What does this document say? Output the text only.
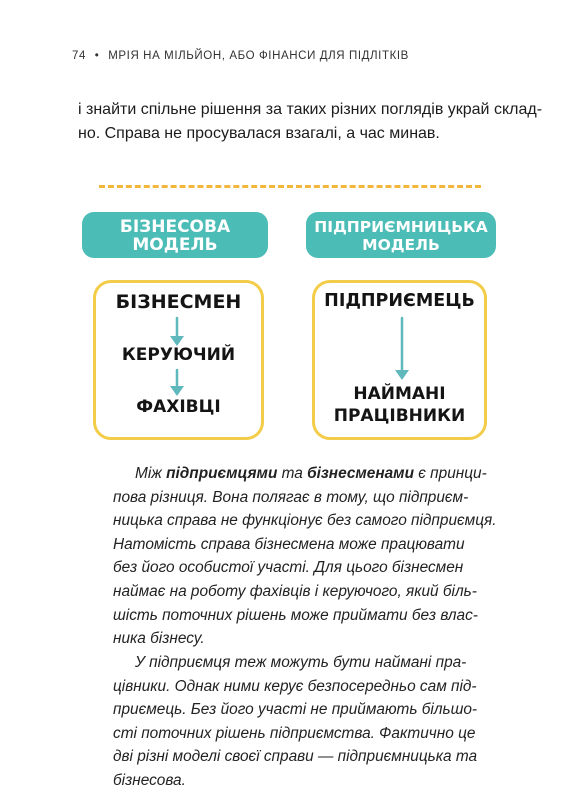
74 • МРІЯ НА МІЛЬЙОН, АБО ФІНАНСИ ДЛЯ ПІДЛІТКІВ

і знайти спільне рішення за таких різних поглядів украй склад-

но. Справа не просувалася взагалі, а час минав.

БІЗНЕСОВА
МОДЕЛЬ
ПІДПРИЄМНИЦЬКА
МОДЕЛЬ
БІЗНЕСМЕН
КЕРУЮЧИЙ
ФАХІВЦІ
ПІДПРИЄМЕЦЬ
НАЙМАНІ
ПРАЦІВНИКИ

Між підприємцями та бізнесменами є принци-

пова різниця. Вона полягає в тому, що підприєм-

ницька справа не функціонує без самого підприємця.

Натомість справа бізнесмена може працювати

без його особистої участі. Для цього бізнесмен

наймає на роботу фахівців і керуючого, який біль-

шість поточних рішень може приймати без влас-

ника бізнесу.

У підприємця теж можуть бути наймані пра-

цівники. Однак ними керує безпосередньо сам під-

приємець. Без його участі не приймають більшо-

сті поточних рішень підприємства. Фактично це

дві різні моделі своєї справи — підприємницька та

бізнесова.
